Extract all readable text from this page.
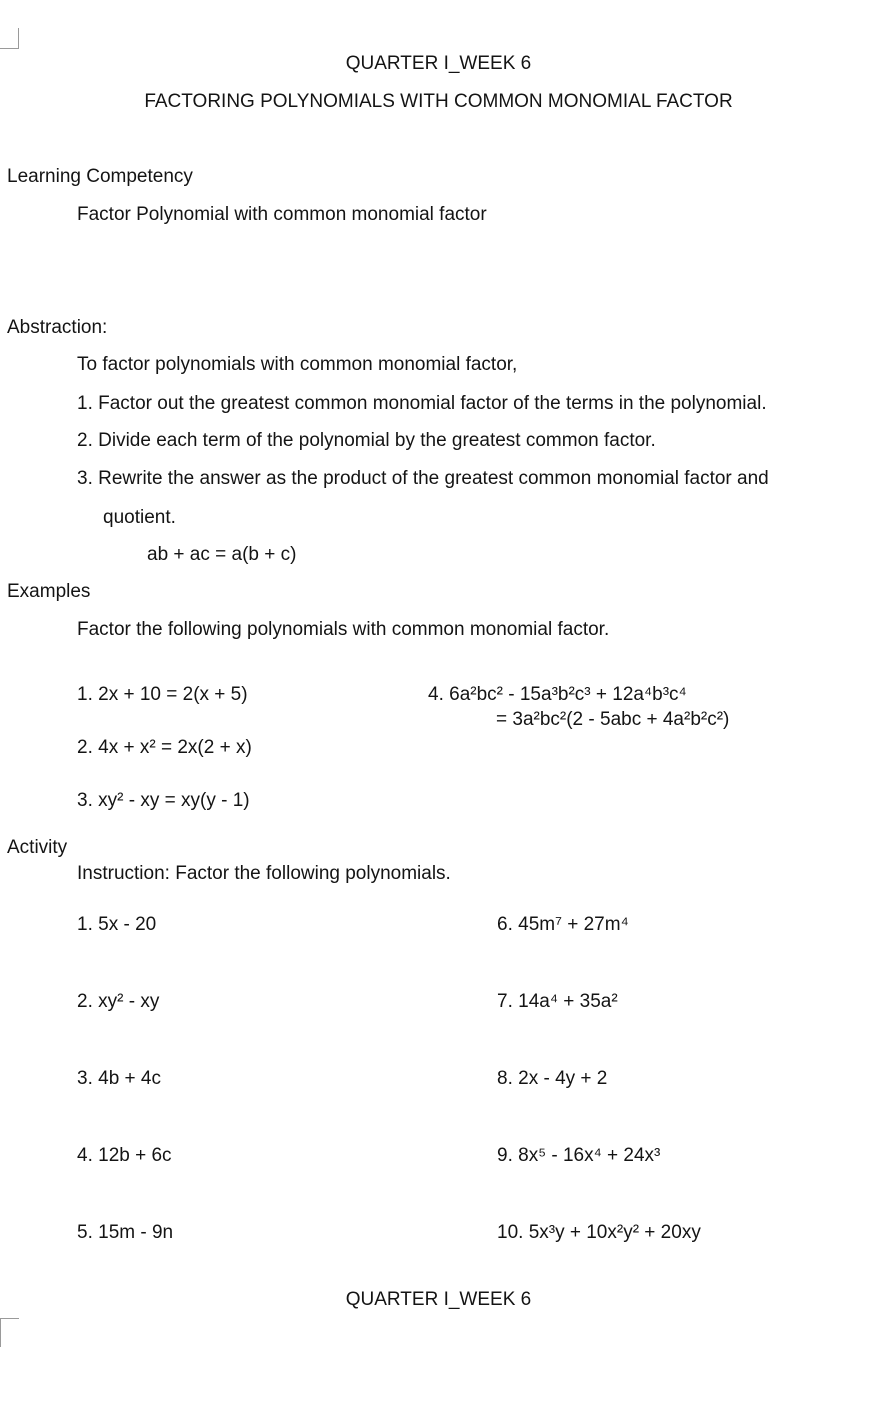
QUARTER I_WEEK 6
FACTORING POLYNOMIALS WITH COMMON MONOMIAL FACTOR
Learning Competency
Factor Polynomial with common monomial factor
Abstraction:
To factor polynomials with common monomial factor,
1. Factor out the greatest common monomial factor of the terms in the polynomial.
2. Divide each term of the polynomial by the greatest common factor.
3. Rewrite the answer as the product of the greatest common monomial factor and
quotient.
ab + ac = a(b + c)
Examples
Factor the following polynomials with common monomial factor.
1. 2x + 10 = 2(x + 5)
2. 4x + x² = 2x(2 + x)
3. xy² - xy = xy(y - 1)
4. 6a²bc² - 15a³b²c³ + 12a⁴b³c⁴
= 3a²bc²(2 - 5abc + 4a²b²c²)
Activity
Instruction: Factor the following polynomials.
1. 5x - 20
2. xy² - xy
3. 4b + 4c
4. 12b + 6c
5. 15m - 9n
6. 45m⁷ + 27m⁴
7. 14a⁴ + 35a²
8. 2x - 4y + 2
9. 8x⁵ - 16x⁴ + 24x³
10. 5x³y + 10x²y² + 20xy
QUARTER I_WEEK 6
